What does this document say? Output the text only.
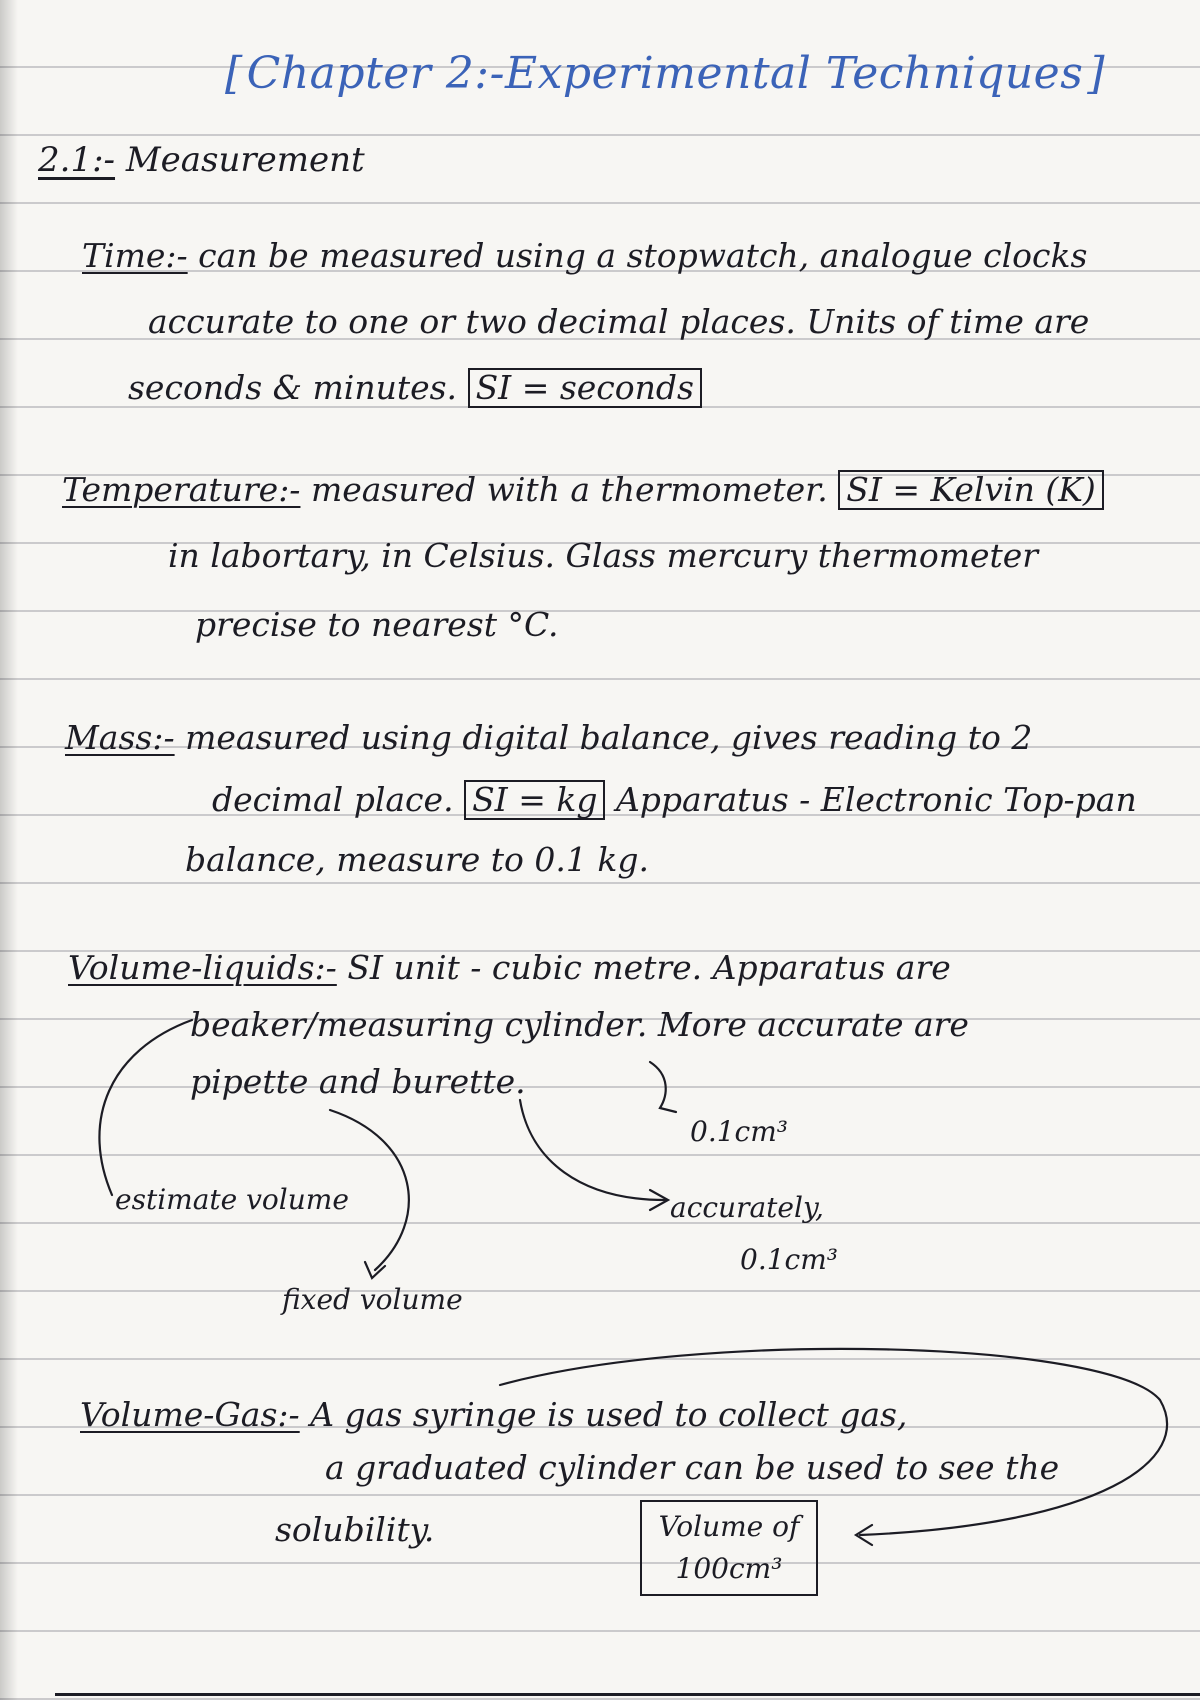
[ Chapter 2:-Experimental Techniques ]
2.1:- Measurement
Time:- can be measured using a stopwatch, analogue clocks
accurate to one or two decimal places. Units of time are
seconds & minutes. SI = seconds
Temperature:- measured with a thermometer. SI = Kelvin (K)
in labortary, in Celsius. Glass mercury thermometer
precise to nearest °C.
Mass:- measured using digital balance, gives reading to 2
decimal place. SI = kg Apparatus - Electronic Top-pan
balance, measure to 0.1 kg.
Volume-liquids:- SI unit - cubic metre. Apparatus are
beaker/measuring cylinder. More accurate are
pipette and burette.
0.1cm³
estimate volume	accurately,
0.1cm³
fixed volume
Volume-Gas:- A gas syringe is used to collect gas,
a graduated cylinder can be used to see the
solubility.	Volume of
100cm³
